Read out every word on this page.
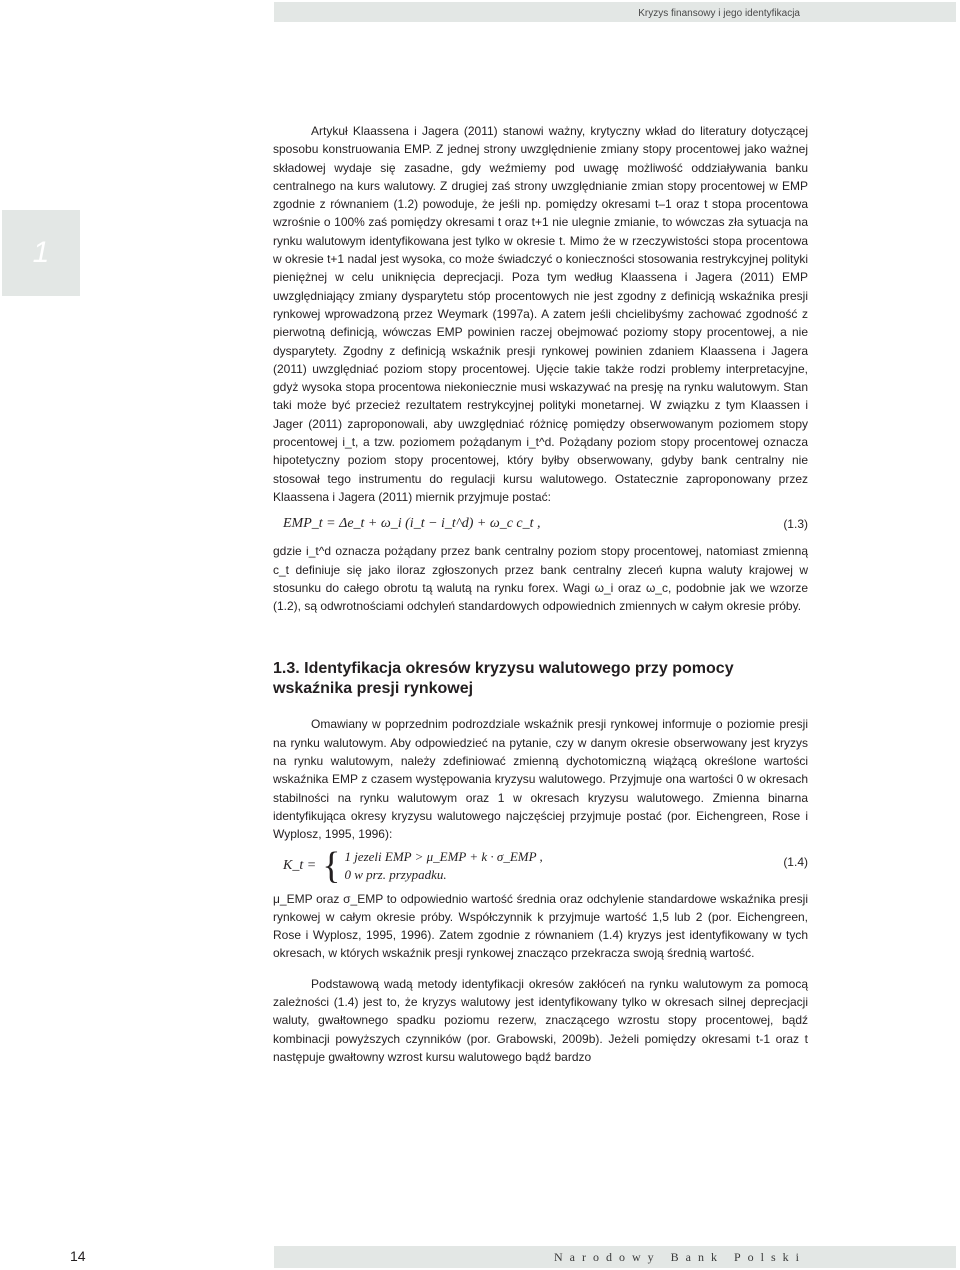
Kryzys finansowy i jego identyfikacja
1

Artykuł Klaassena i Jagera (2011) stanowi ważny, krytyczny wkład do literatury dotyczącej sposobu konstruowania EMP. Z jednej strony uwzględnienie zmiany stopy procentowej jako ważnej składowej wydaje się zasadne, gdy weźmiemy pod uwagę możliwość oddziaływania banku centralnego na kurs walutowy. Z drugiej zaś strony uwzględnianie zmian stopy procentowej w EMP zgodnie z równaniem (1.2) powoduje, że jeśli np. pomiędzy okresami t–1 oraz t stopa procentowa wzrośnie o 100% zaś pomiędzy okresami t oraz t+1 nie ulegnie zmianie, to wówczas zła sytuacja na rynku walutowym identyfikowana jest tylko w okresie t. Mimo że w rzeczywistości stopa procentowa w okresie t+1 nadal jest wysoka, co może świadczyć o konieczności stosowania restrykcyjnej polityki pieniężnej w celu uniknięcia deprecjacji. Poza tym według Klaassena i Jagera (2011) EMP uwzględniający zmiany dysparytetu stóp procentowych nie jest zgodny z definicją wskaźnika presji rynkowej wprowadzoną przez Weymark (1997a). A zatem jeśli chcielibyśmy zachować zgodność z pierwotną definicją, wówczas EMP powinien raczej obejmować poziomy stopy procentowej, a nie dysparytety. Zgodny z definicją wskaźnik presji rynkowej powinien zdaniem Klaassena i Jagera (2011) uwzględniać poziom stopy procentowej. Ujęcie takie także rodzi problemy interpretacyjne, gdyż wysoka stopa procentowa niekoniecznie musi wskazywać na presję na rynku walutowym. Stan taki może być przecież rezultatem restrykcyjnej polityki monetarnej. W związku z tym Klaassen i Jager (2011) zaproponowali, aby uwzględniać różnicę pomiędzy obserwowanym poziomem stopy procentowej i_t, a tzw. poziomem pożądanym i_t^d. Pożądany poziom stopy procentowej oznacza hipotetyczny poziom stopy procentowej, który byłby obserwowany, gdyby bank centralny nie stosował tego instrumentu do regulacji kursu walutowego. Ostatecznie zaproponowany przez Klaassena i Jagera (2011) miernik przyjmuje postać:

EMP_t = Δe_t + ω_i (i_t − i_t^d) + ω_c c_t ,	(1.3)

gdzie i_t^d oznacza pożądany przez bank centralny poziom stopy procentowej, natomiast zmienną c_t definiuje się jako iloraz zgłoszonych przez bank centralny zleceń kupna waluty krajowej w stosunku do całego obrotu tą walutą na rynku forex. Wagi ω_i oraz ω_c, podobnie jak we wzorze (1.2), są odwrotnościami odchyleń standardowych odpowiednich zmiennych w całym okresie próby.

1.3. Identyfikacja okresów kryzysu walutowego przy pomocy wskaźnika presji rynkowej

Omawiany w poprzednim podrozdziale wskaźnik presji rynkowej informuje o poziomie presji na rynku walutowym. Aby odpowiedzieć na pytanie, czy w danym okresie obserwowany jest kryzys na rynku walutowym, należy zdefiniować zmienną dychotomiczną wiążącą określone wartości wskaźnika EMP z czasem występowania kryzysu walutowego. Przyjmuje ona wartości 0 w okresach stabilności na rynku walutowym oraz 1 w okresach kryzysu walutowego. Zmienna binarna identyfikująca okresy kryzysu walutowego najczęściej przyjmuje postać (por. Eichengreen, Rose i Wyplosz, 1995, 1996):

K_t = { 1 jezeli EMP > μ_EMP + k · σ_EMP ,
0 w prz. przypadku.
(1.4)

μ_EMP oraz σ_EMP to odpowiednio wartość średnia oraz odchylenie standardowe wskaźnika presji rynkowej w całym okresie próby. Współczynnik k przyjmuje wartość 1,5 lub 2 (por. Eichengreen, Rose i Wyplosz, 1995, 1996). Zatem zgodnie z równaniem (1.4) kryzys jest identyfikowany w tych okresach, w których wskaźnik presji rynkowej znacząco przekracza swoją średnią wartość.

Podstawową wadą metody identyfikacji okresów zakłóceń na rynku walutowym za pomocą zależności (1.4) jest to, że kryzys walutowy jest identyfikowany tylko w okresach silnej deprecjacji waluty, gwałtownego spadku poziomu rezerw, znaczącego wzrostu stopy procentowej, bądź kombinacji powyższych czynników (por. Grabowski, 2009b). Jeżeli pomiędzy okresami t-1 oraz t następuje gwałtowny wzrost kursu walutowego bądź bardzo

14	Narodowy Bank Polski
